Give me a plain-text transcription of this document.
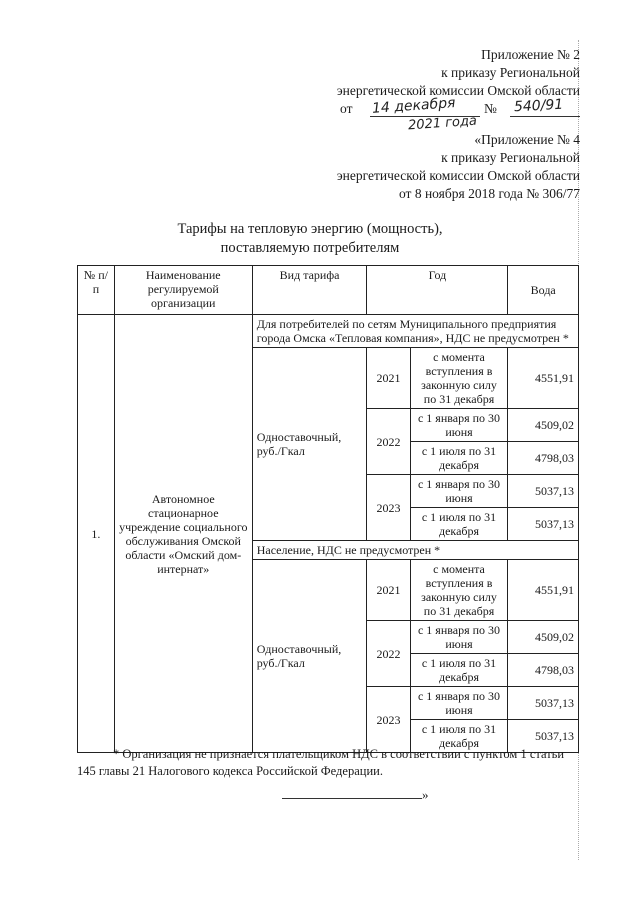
Приложение № 2
к приказу Региональной
энергетической комиссии Омской области
от	№
14 декабря	540/91
2021 года
«Приложение № 4
к приказу Региональной
энергетической комиссии Омской области
от 8 ноября 2018 года № 306/77
Тарифы на тепловую энергию (мощность),
поставляемую потребителям
№ п/п	Наименование регулируемой организации	Вид тарифа	Год		Вода
1.	Автономное стационарное учреждение социального обслуживания Омской области «Омский дом-интернат»	Для потребителей по сетям Муниципального предприятия города Омска «Тепловая компания», НДС не предусмотрен *			
		Одноставочный, руб./Гкал	2021	с момента вступления в законную силу по 31 декабря	4551,91
			2022	с 1 января по 30 июня	4509,02
				с 1 июля по 31 декабря	4798,03
			2023	с 1 января по 30 июня	5037,13
				с 1 июля по 31 декабря	5037,13
		Население, НДС не предусмотрен *			
		Одноставочный, руб./Гкал	2021	с момента вступления в законную силу по 31 декабря	4551,91
			2022	с 1 января по 30 июня	4509,02
				с 1 июля по 31 декабря	4798,03
			2023	с 1 января по 30 июня	5037,13
				с 1 июля по 31 декабря	5037,13
* Организация не признается плательщиком НДС в соответствии с пунктом 1 статьи 145 главы 21 Налогового кодекса Российской Федерации.
»
